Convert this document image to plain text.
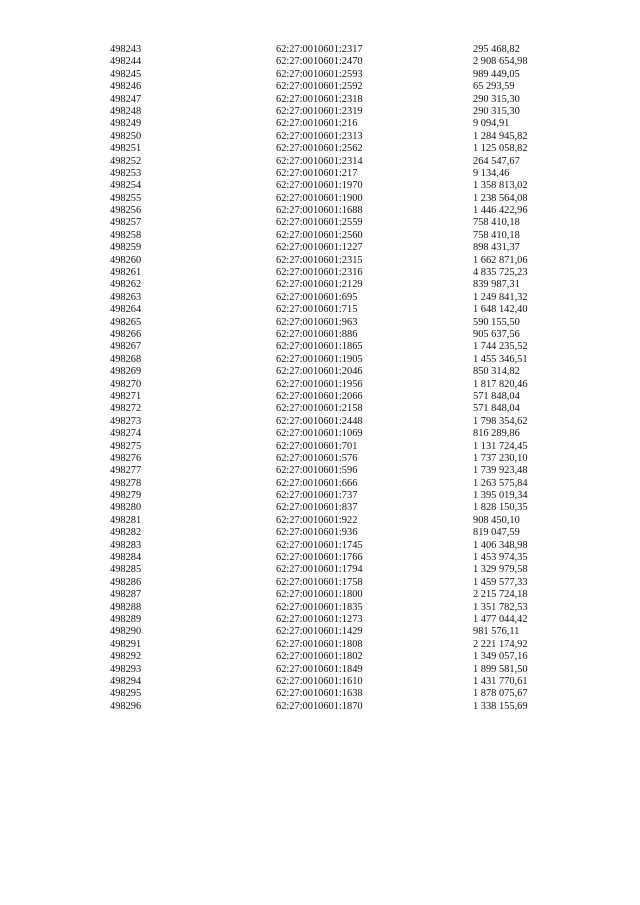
498243	62:27:0010601:2317	295 468,82
498244	62:27:0010601:2470	2 908 654,98
498245	62:27:0010601:2593	989 449,05
498246	62:27:0010601:2592	65 293,59
498247	62:27:0010601:2318	290 315,30
498248	62:27:0010601:2319	290 315,30
498249	62:27:0010601:216	9 094,91
498250	62:27:0010601:2313	1 284 945,82
498251	62:27:0010601:2562	1 125 058,82
498252	62:27:0010601:2314	264 547,67
498253	62:27:0010601:217	9 134,46
498254	62:27:0010601:1970	1 358 813,02
498255	62:27:0010601:1900	1 238 564,08
498256	62:27:0010601:1688	1 446 422,96
498257	62:27:0010601:2559	758 410,18
498258	62:27:0010601:2560	758 410,18
498259	62:27:0010601:1227	898 431,37
498260	62:27:0010601:2315	1 662 871,06
498261	62:27:0010601:2316	4 835 725,23
498262	62:27:0010601:2129	839 987,31
498263	62:27:0010601:695	1 249 841,32
498264	62:27:0010601:715	1 648 142,40
498265	62:27:0010601:963	590 155,50
498266	62:27:0010601:886	905 637,56
498267	62:27:0010601:1865	1 744 235,52
498268	62:27:0010601:1905	1 455 346,51
498269	62:27:0010601:2046	850 314,82
498270	62:27:0010601:1956	1 817 820,46
498271	62:27:0010601:2066	571 848,04
498272	62:27:0010601:2158	571 848,04
498273	62:27:0010601:2448	1 798 354,62
498274	62:27:0010601:1069	816 289,86
498275	62:27:0010601:701	1 131 724,45
498276	62:27:0010601:576	1 737 230,10
498277	62:27:0010601:596	1 739 923,48
498278	62:27:0010601:666	1 263 575,84
498279	62:27:0010601:737	1 395 019,34
498280	62:27:0010601:837	1 828 150,35
498281	62:27:0010601:922	908 450,10
498282	62:27:0010601:936	819 047,59
498283	62:27:0010601:1745	1 406 348,98
498284	62:27:0010601:1766	1 453 974,35
498285	62:27:0010601:1794	1 329 979,58
498286	62:27:0010601:1758	1 459 577,33
498287	62:27:0010601:1800	2 215 724,18
498288	62:27:0010601:1835	1 351 782,53
498289	62:27:0010601:1273	1 477 044,42
498290	62:27:0010601:1429	981 576,11
498291	62:27:0010601:1808	2 221 174,92
498292	62:27:0010601:1802	1 349 057,16
498293	62:27:0010601:1849	1 899 581,50
498294	62:27:0010601:1610	1 431 770,61
498295	62:27:0010601:1638	1 878 075,67
498296	62:27:0010601:1870	1 338 155,69
